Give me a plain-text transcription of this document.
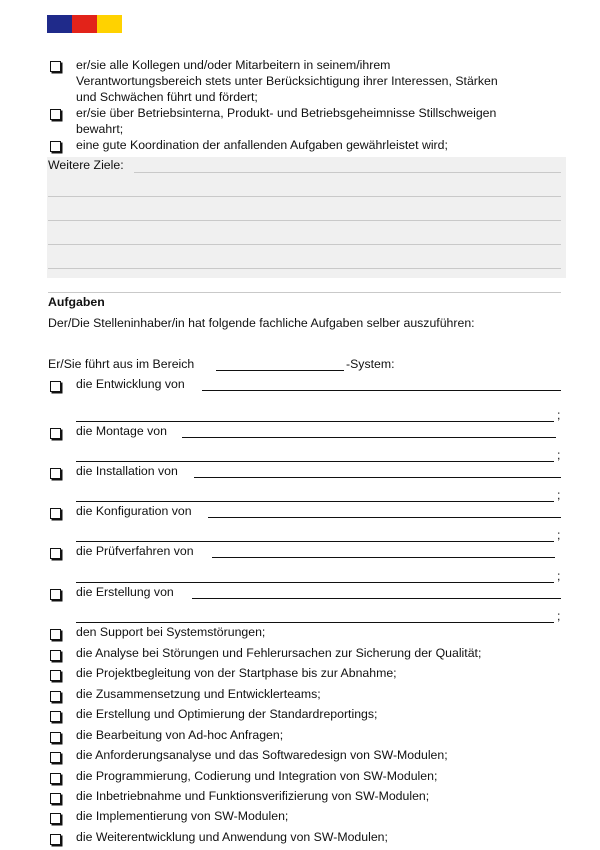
er/sie alle Kollegen und/oder Mitarbeitern in seinem/ihrem
Verantwortungsbereich stets unter Berücksichtigung ihrer Interessen, Stärken
und Schwächen führt und fördert;
er/sie über Betriebsinterna, Produkt- und Betriebsgeheimnisse Stillschweigen
bewahrt;
eine gute Koordination der anfallenden Aufgaben gewährleistet wird;
Weitere Ziele:
Aufgaben
Der/Die Stelleninhaber/in hat folgende fachliche Aufgaben selber auszuführen:
Er/Sie führt aus im Bereich	-System:
die Entwicklung von
;
die Montage von
;
die Installation von
;
die Konfiguration von
;
die Prüfverfahren von
;
die Erstellung von
;
den Support bei Systemstörungen;
die Analyse bei Störungen und Fehlerursachen zur Sicherung der Qualität;
die Projektbegleitung von der Startphase bis zur Abnahme;
die Zusammensetzung und Entwicklerteams;
die Erstellung und Optimierung der Standardreportings;
die Bearbeitung von Ad-hoc Anfragen;
die Anforderungsanalyse und das Softwaredesign von SW-Modulen;
die Programmierung, Codierung und Integration von SW-Modulen;
die Inbetriebnahme und Funktionsverifizierung von SW-Modulen;
die Implementierung von SW-Modulen;
die Weiterentwicklung und Anwendung von SW-Modulen;
